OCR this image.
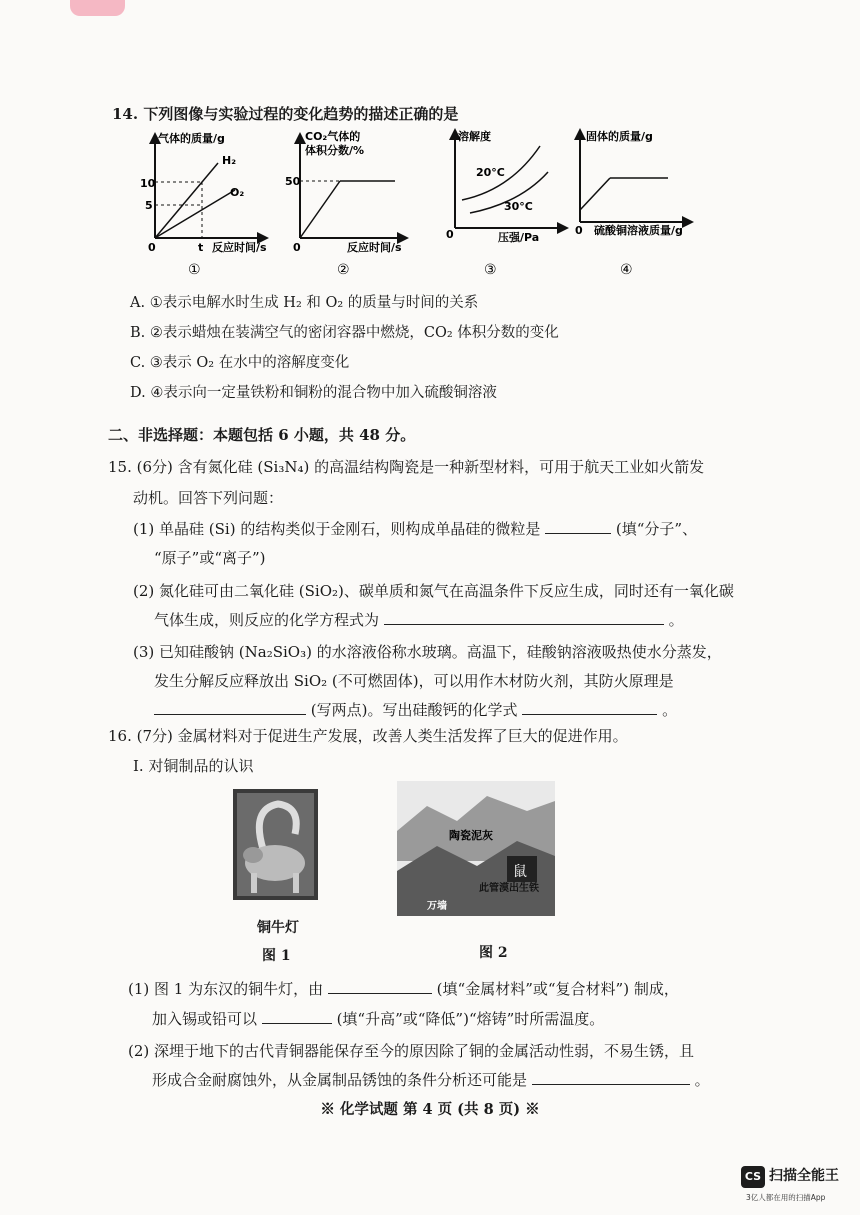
14. 下列图像与实验过程的变化趋势的描述正确的是
气体的质量/g
10
5
0	t
H₂
O₂
反应时间/s
①
CO₂气体的
体积分数/%
50
0	反应时间/s
②
溶解度
20°C
30°C
0	压强/Pa
③
固体的质量/g
0 硫酸铜溶液质量/g
④
A. ①表示电解水时生成 H₂ 和 O₂ 的质量与时间的关系
B. ②表示蜡烛在装满空气的密闭容器中燃烧，CO₂ 体积分数的变化
C. ③表示 O₂ 在水中的溶解度变化
D. ④表示向一定量铁粉和铜粉的混合物中加入硫酸铜溶液
二、非选择题：本题包括 6 小题，共 48 分。
15. (6分) 含有氮化硅 (Si₃N₄) 的高温结构陶瓷是一种新型材料，可用于航天工业如火箭发
动机。回答下列问题：
(1) 单晶硅 (Si) 的结构类似于金刚石，则构成单晶硅的微粒是	(填“分子”、
“原子”或“离子”)
(2) 氮化硅可由二氧化硅 (SiO₂)、碳单质和氮气在高温条件下反应生成，同时还有一氧化碳
气体生成，则反应的化学方程式为	。
(3) 已知硅酸钠 (Na₂SiO₃) 的水溶液俗称水玻璃。高温下，硅酸钠溶液吸热使水分蒸发，
发生分解反应释放出 SiO₂ (不可燃固体)，可以用作木材防火剂，其防火原理是
(写两点)。写出硅酸钙的化学式	。
16. (7分) 金属材料对于促进生产发展，改善人类生活发挥了巨大的促进作用。
I. 对铜制品的认识
铜牛灯
图 1
鼠
陶瓷泥灰
此管漠出生铁
万墙
图 2
(1) 图 1 为东汉的铜牛灯，由	(填“金属材料”或“复合材料”) 制成，
加入锡或铅可以	(填“升高”或“降低”)“熔铸”时所需温度。
(2) 深埋于地下的古代青铜器能保存至今的原因除了铜的金属活动性弱，不易生锈，且
形成合金耐腐蚀外，从金属制品锈蚀的条件分析还可能是	。
※ 化学试题 第 4 页 (共 8 页) ※
CS 扫描全能王
3亿人都在用的扫描App
